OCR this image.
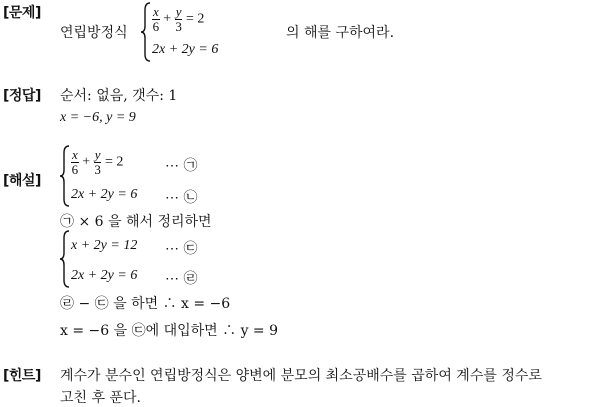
[문제]
연립방정식 $\frac{x}{6} + \frac{y}{3} = 2$
2x + 2y = 6
의 해를 구하여라.
[정답] 순서: 없음, 갯수: 1
x = −6, y = 9
[해설]
$\frac{x}{6} + \frac{y}{3} = 2$	⋯ ㉠
2x + 2y = 6 ⋯ ㉡
㉠ × 6 을 해서 정리하면
x + 2y = 12 ⋯ ㉢
2x + 2y = 6 ⋯ ㉣
㉣ − ㉢ 을 하면 ∴ x = −6
x = −6 을 ㉢에 대입하면 ∴ y = 9
[힌트] 계수가 분수인 연립방정식은 양변에 분모의 최소공배수를 곱하여 계수를 정수로
고친 후 푼다.
